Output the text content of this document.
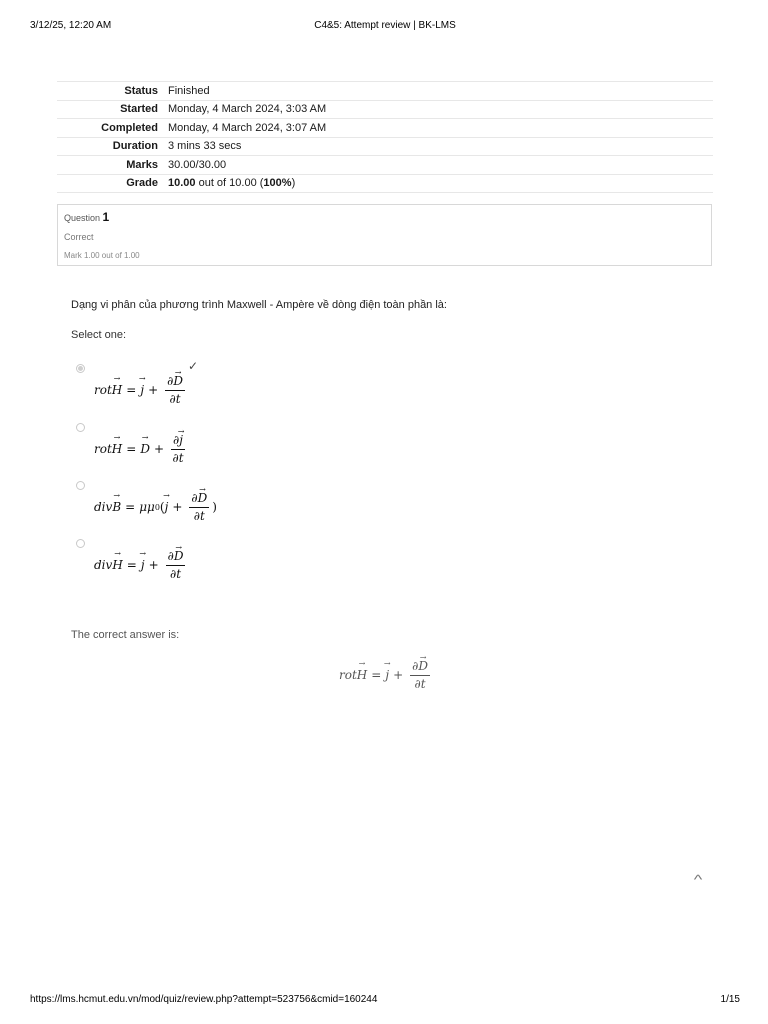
3/12/25, 12:20 AM	C4&5: Attempt review | BK-LMS
Status	Finished
Started	Monday, 4 March 2024, 3:03 AM
Completed	Monday, 4 March 2024, 3:07 AM
Duration	3 mins 33 secs
Marks	30.00/30.00
Grade	10.00 out of 10.00 (100%)
Question 1
Correct
Mark 1.00 out of 1.00
Dạng vi phân của phương trình Maxwell - Ampère về dòng điện toàn phần là:
Select one:
✓
rot → H = → $j + \frac{\partial\to D}{\partial t}$
rot → H = → $D + \frac{\partial\to j}{\partial t}$
div → B = μμ 0 ( → $j + \frac{\partial\to D}{\partial t}$ )
div → H = → $j + \frac{\partial\to D}{\partial t}$
The correct answer is:
rot → H = → $j + \frac{\partial\to D}{\partial t}$
^
https://lms.hcmut.edu.vn/mod/quiz/review.php?attempt=523756&cmid=160244	1/15
